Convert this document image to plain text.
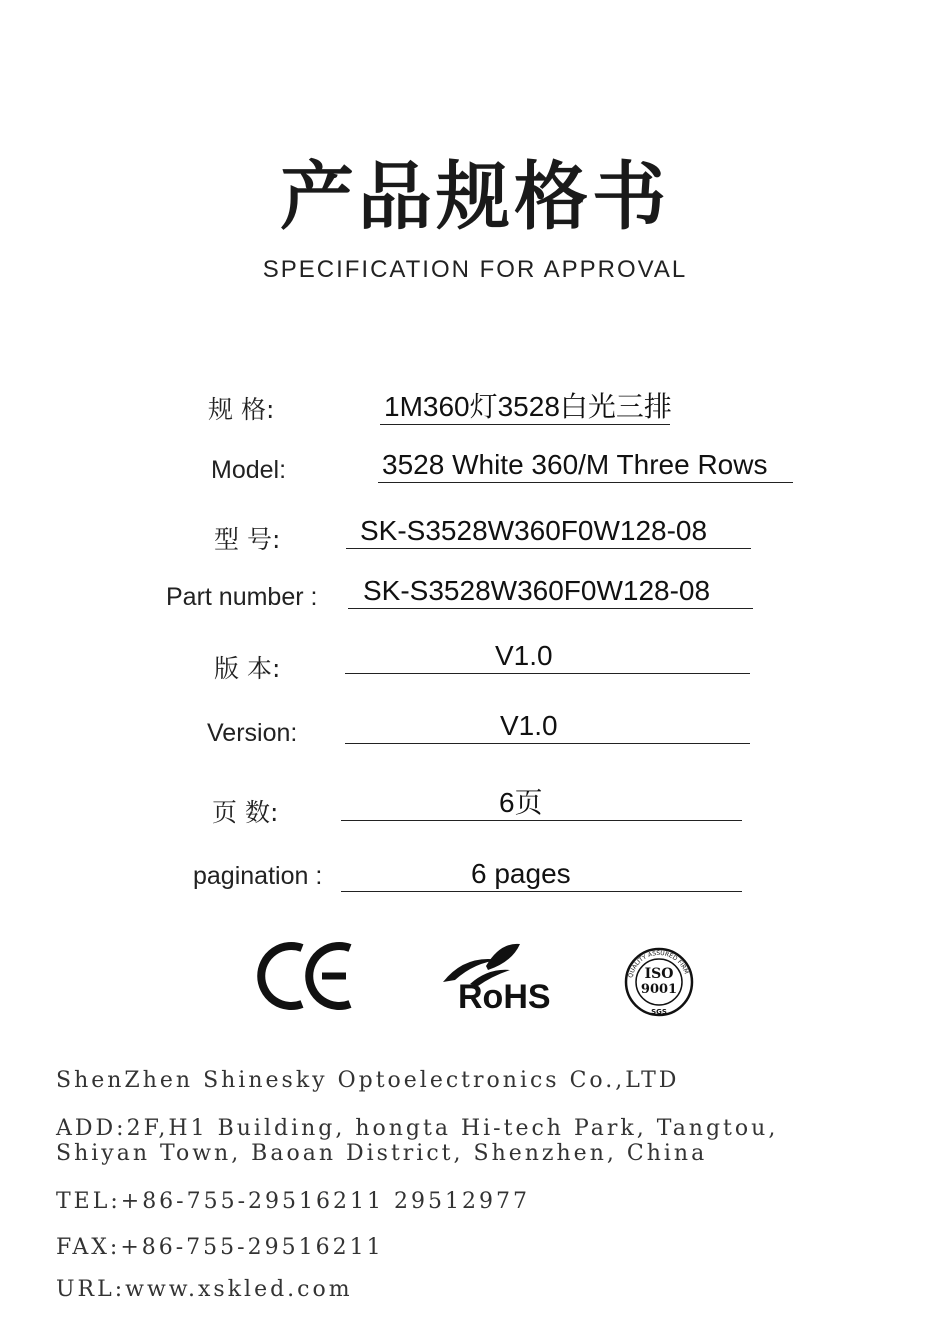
产品规格书
SPECIFICATION FOR APPROVAL
规 格:	1M360灯3528白光三排
Model:	3528 White 360/M Three Rows
型 号:	SK-S3528W360F0W128-08
Part number : SK-S3528W360F0W128-08
版 本:	V1.0
Version:	V1.0
页 数:	6页
pagination :	6 pages
CE
RoHS
ISO
9001
SGS
QUALITY ASSURED FIRM
ShenZhen Shinesky Optoelectronics Co.,LTD
ADD:2F,H1 Building, hongta Hi-tech Park, Tangtou,
Shiyan Town, Baoan District, Shenzhen, China
TEL:+86-755-29516211 29512977
FAX:+86-755-29516211
URL:www.xskled.com
